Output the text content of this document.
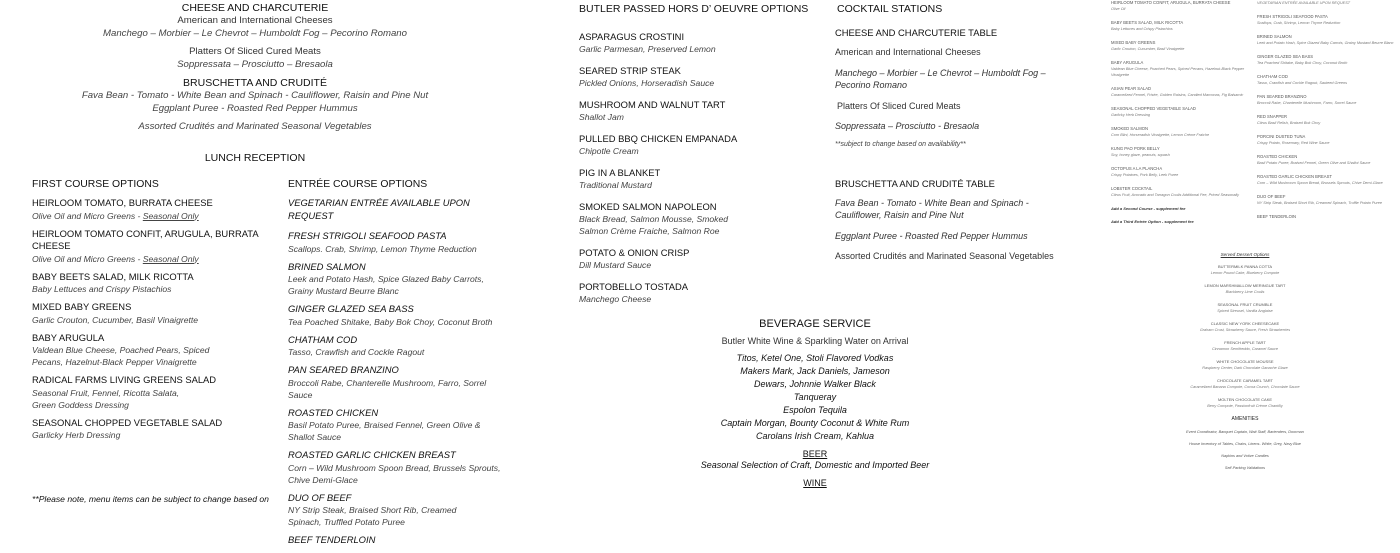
CHEESE AND CHARCUTERIE
American and International Cheeses
Manchego – Morbier – Le Chevrot – Humboldt Fog – Pecorino Romano
Platters Of Sliced Cured Meats
Soppressata – Prosciutto – Bresaola
BRUSCHETTA AND CRUDITÉ
Fava Bean - Tomato - White Bean and Spinach - Cauliflower, Raisin and Pine Nut
Eggplant Puree - Roasted Red Pepper Hummus
Assorted Crudités and Marinated Seasonal Vegetables
LUNCH RECEPTION
FIRST COURSE OPTIONS
HEIRLOOM TOMATO, BURRATA CHEESE
Olive Oil and Micro Greens - Seasonal Only
HEIRLOOM TOMATO CONFIT, ARUGULA, BURRATA CHEESE
Olive Oil and Micro Greens - Seasonal Only
BABY BEETS SALAD, MILK RICOTTA
Baby Lettuces and Crispy Pistachios
MIXED BABY GREENS
Garlic Crouton, Cucumber, Basil Vinaigrette
BABY ARUGULA
Valdean Blue Cheese, Poached Pears, Spiced Pecans, Hazelnut-Black Pepper Vinaigrette
RADICAL FARMS LIVING GREENS SALAD
Seasonal Fruit, Fennel, Ricotta Salata, Green Goddess Dressing
SEASONAL CHOPPED VEGETABLE SALAD
Garlicky Herb Dressing
**Please note, menu items can be subject to change based on
ENTRÉE COURSE OPTIONS
VEGETARIAN ENTRÉE AVAILABLE UPON REQUEST
FRESH STRIGOLI SEAFOOD PASTA
Scallops. Crab, Shrimp, Lemon Thyme Reduction
BRINED SALMON
Leek and Potato Hash, Spice Glazed Baby Carrots, Grainy Mustard Beurre Blanc
GINGER GLAZED SEA BASS
Tea Poached Shitake, Baby Bok Choy, Coconut Broth
CHATHAM COD
Tasso, Crawfish and Cockle Ragout
PAN SEARED BRANZINO
Broccoli Rabe, Chanterelle Mushroom, Farro, Sorrel Sauce
ROASTED CHICKEN
Basil Potato Puree, Braised Fennel, Green Olive & Shallot Sauce
ROASTED GARLIC CHICKEN BREAST
Corn – Wild Mushroom Spoon Bread, Brussels Sprouts, Chive Demi-Glace
DUO OF BEEF
NY Strip Steak, Braised Short Rib, Creamed Spinach, Truffled Potato Puree
BEEF TENDERLOIN
BUTLER PASSED HORS D’ OEUVRE OPTIONS
ASPARAGUS CROSTINI
Garlic Parmesan, Preserved Lemon
SEARED STRIP STEAK
Pickled Onions, Horseradish Sauce
MUSHROOM AND WALNUT TART
Shallot Jam
PULLED BBQ CHICKEN EMPANADA
Chipotle Cream
PIG IN A BLANKET
Traditional Mustard
SMOKED SALMON NAPOLEON
Black Bread, Salmon Mousse, Smoked Salmon Crème Fraiche, Salmon Roe
POTATO & ONION CRISP
Dill Mustard Sauce
PORTOBELLO TOSTADA
Manchego Cheese
BEVERAGE SERVICE
Butler White Wine & Sparkling Water on Arrival
Titos, Ketel One, Stoli Flavored Vodkas
Makers Mark, Jack Daniels, Jameson
Dewars, Johnnie Walker Black
Tanqueray
Espolon Tequila
Captain Morgan, Bounty Coconut & White Rum
Carolans Irish Cream, Kahlua
BEER
Seasonal Selection of Craft, Domestic and Imported Beer
WINE
COCKTAIL STATIONS
CHEESE AND CHARCUTERIE TABLE
American and International Cheeses
Manchego – Morbier – Le Chevrot – Humboldt Fog – Pecorino Romano
Platters Of Sliced Cured Meats
Soppressata – Prosciutto - Bresaola
**subject to change based on availability**
BRUSCHETTA AND CRUDITÉ TABLE
Fava Bean - Tomato - White Bean and Spinach - Cauliflower, Raisin and Pine Nut
Eggplant Puree - Roasted Red Pepper Hummus
Assorted Crudités and Marinated Seasonal Vegetables
HEIRLOOM TOMATO CONFIT, ARUGULA, BURRATA CHEESE
Olive Oil
BABY BEETS SALAD, MILK RICOTTA
Baby Lettuces and Crispy Pistachios
MIXED BABY GREENS
Garlic Crouton, Cucumber, Basil Vinaigrette
BABY ARUGULA
Valdean Blue Cheese, Poached Pears, Spiced Pecans, Hazelnut-Black Pepper Vinaigrette
ASIAN PEAR SALAD
Caramelized Fennel, Frisée, Golden Raisins, Candied Marconas, Fig Balsamic
SEASONAL CHOPPED VEGETABLE SALAD
Garlicky Herb Dressing
SMOKED SALMON
Corn Blini, Horseradish Vinaigrette, Lemon Crème Fraiche
KUNG PAO PORK BELLY
Soy, honey glaze, peanuts, squash
OCTOPUS A LA PLANCHA
Crispy Potatoes, Pork Belly, Leek Puree
LOBSTER COCKTAIL
Citrus Fruit, Avocado and Tarragon Coulis Additional Fee, Priced Seasonally
Add a Second Course - supplement fee
Add a Third Entrée Option - supplement fee
VEGETARIAN ENTRÉE AVAILABLE UPON REQUEST
FRESH STRIGOLI SEAFOOD PASTA
Scallops, Crab, Shrimp, Lemon Thyme Reduction
BRINED SALMON
Leek and Potato Hash, Spice Glazed Baby Carrots, Grainy Mustard Beurre Blanc
GINGER GLAZED SEA BASS
Tea Poached Shitake, Baby Bok Choy, Coconut Broth
CHATHAM COD
Tasso, Crawfish and Cockle Ragout, Sauteed Greens
PAN SEARED BRANZINO
Broccoli Rabe, Chanterelle Mushroom, Farro, Sorrel Sauce
RED SNAPPER
Citrus Basil Relish, Braised Bok Choy
PORCINI DUSTED TUNA
Crispy Potato, Rosemary, Red Wine Sauce
ROASTED CHICKEN
Basil Potato Puree, Braised Fennel, Green Olive and Shallot Sauce
ROASTED GARLIC CHICKEN BREAST
Corn – Wild Mushroom Spoon Bread, Brussels Sprouts, Chive Demi-Glace
DUO OF BEEF
NY Strip Steak, Braised Short Rib, Creamed Spinach, Truffle Potato Puree
BEEF TENDERLOIN
Served Dessert Options
BUTTERMILK PANNA COTTA
Lemon Pound Cake, Blueberry Compote
LEMON MARSHMALLOW MERINGUE TART
Blackberry Lime Coulis
SEASONAL FRUIT CRUMBLE
Spiced Streusel, Vanilla Anglaise
CLASSIC NEW YORK CHEESECAKE
Graham Crust, Strawberry Sauce, Fresh Strawberries
FRENCH APPLE TART
Cinnamon Semifreddo, Caramel Sauce
WHITE CHOCOLATE MOUSSE
Raspberry Center, Dark Chocolate Ganache Glaze
CHOCOLATE CARAMEL TART
Caramelized Banana Compote, Cocoa Crunch, Chocolate Sauce
MOLTEN CHOCOLATE CAKE
Berry Compote, Passionfruit Crème Chantilly
AMENITIES
Event Coordinator, Banquet Captain, Wait Staff, Bartenders, Doorman
House Inventory of Tables, Chairs, Linens- White, Grey, Navy Blue
Napkins and Votive Candles
Self-Parking Validations
